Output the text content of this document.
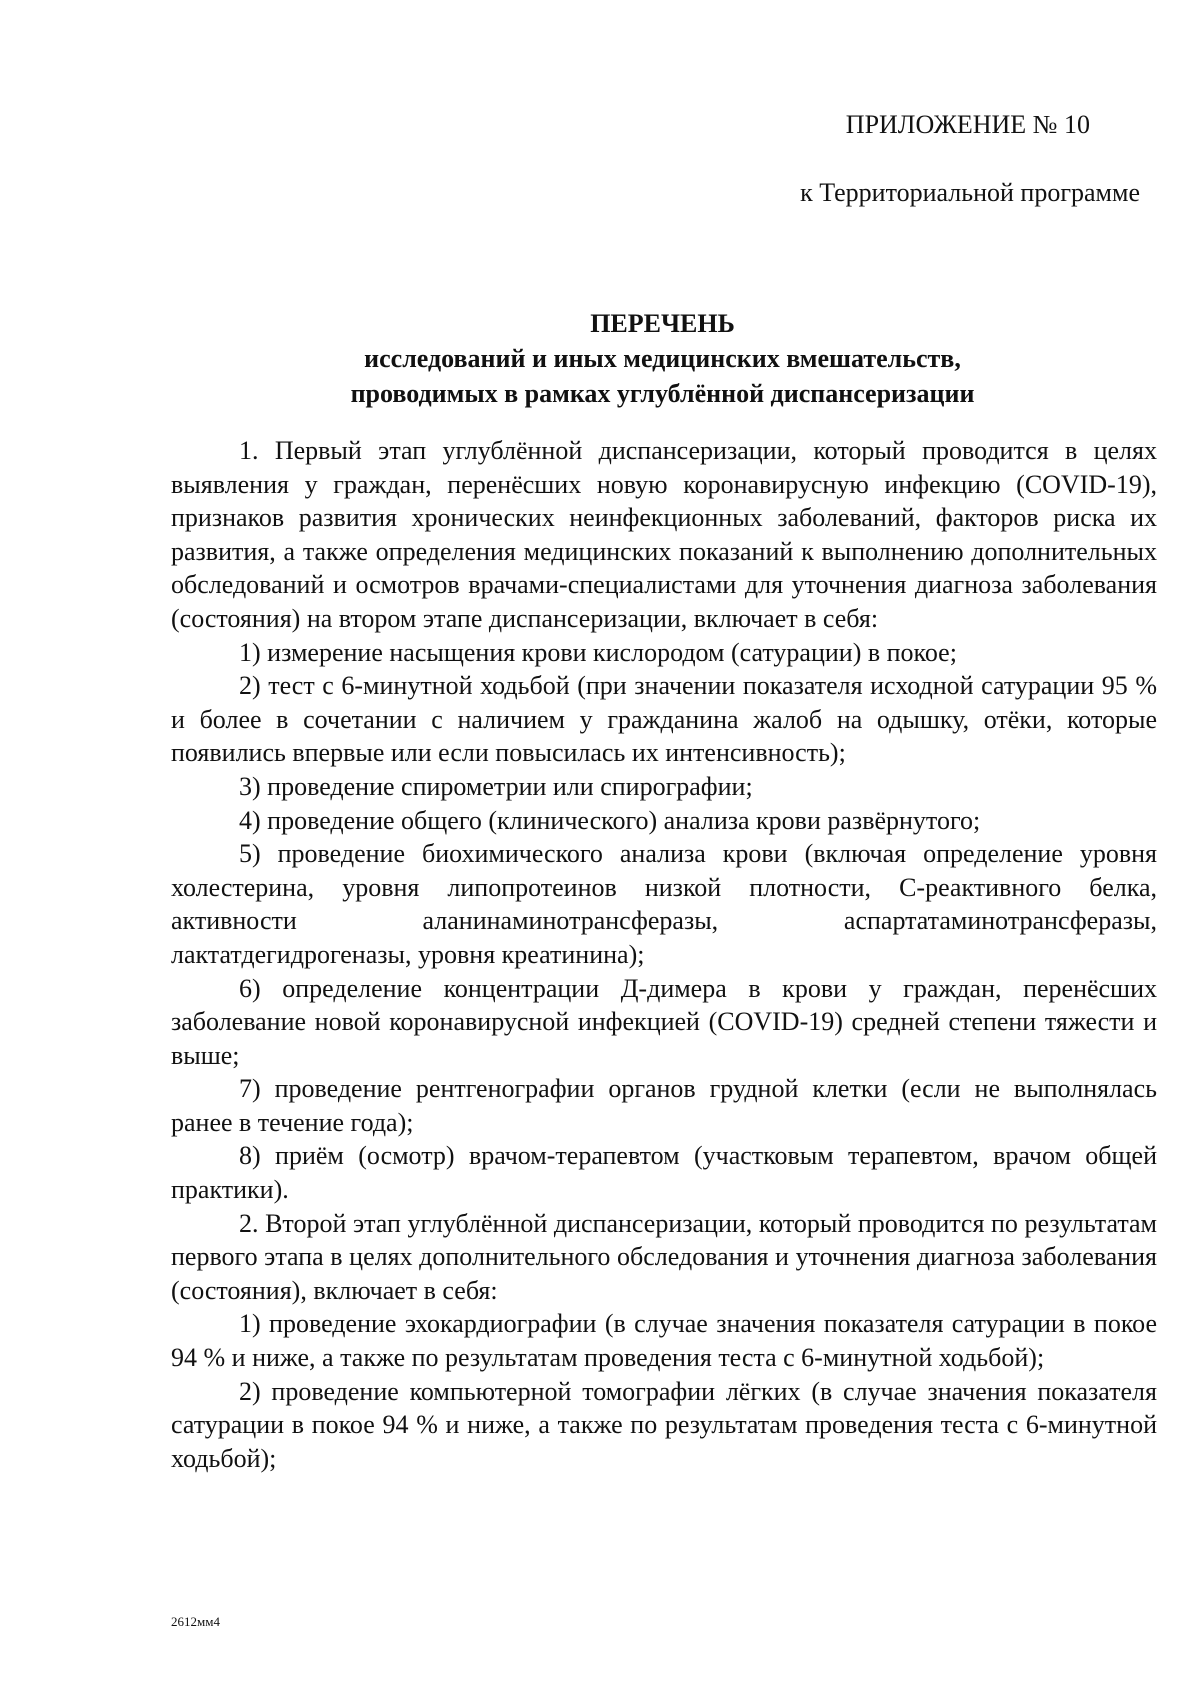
ПРИЛОЖЕНИЕ № 10

к Территориальной программе

ПЕРЕЧЕНЬ
исследований и иных медицинских вмешательств,
проводимых в рамках углублённой диспансеризации

1. Первый этап углублённой диспансеризации, который проводится в целях выявления у граждан, перенёсших новую коронавирусную инфекцию (COVID-19), признаков развития хронических неинфекционных заболеваний, факторов риска их развития, а также определения медицинских показаний к выполнению дополнительных обследований и осмотров врачами-специалистами для уточнения диагноза заболевания (состояния) на втором этапе диспансеризации, включает в себя:

1) измерение насыщения крови кислородом (сатурации) в покое;

2) тест с 6-минутной ходьбой (при значении показателя исходной сатурации 95 % и более в сочетании с наличием у гражданина жалоб на одышку, отёки, которые появились впервые или если повысилась их интенсивность);

3) проведение спирометрии или спирографии;

4) проведение общего (клинического) анализа крови развёрнутого;

5) проведение биохимического анализа крови (включая определение уровня холестерина, уровня липопротеинов низкой плотности, С-реактивного белка, активности аланинаминотрансферазы, аспартатаминотрансферазы, лактатдегидрогеназы, уровня креатинина);

6) определение концентрации Д-димера в крови у граждан, перенёсших заболевание новой коронавирусной инфекцией (COVID-19) средней степени тяжести и выше;

7) проведение рентгенографии органов грудной клетки (если не выполнялась ранее в течение года);

8) приём (осмотр) врачом-терапевтом (участковым терапевтом, врачом общей практики).

2. Второй этап углублённой диспансеризации, который проводится по результатам первого этапа в целях дополнительного обследования и уточнения диагноза заболевания (состояния), включает в себя:

1) проведение эхокардиографии (в случае значения показателя сатурации в покое 94 % и ниже, а также по результатам проведения теста с 6-минутной ходьбой);

2) проведение компьютерной томографии лёгких (в случае значения показателя сатурации в покое 94 % и ниже, а также по результатам проведения теста с 6-минутной ходьбой);

2612мм4
